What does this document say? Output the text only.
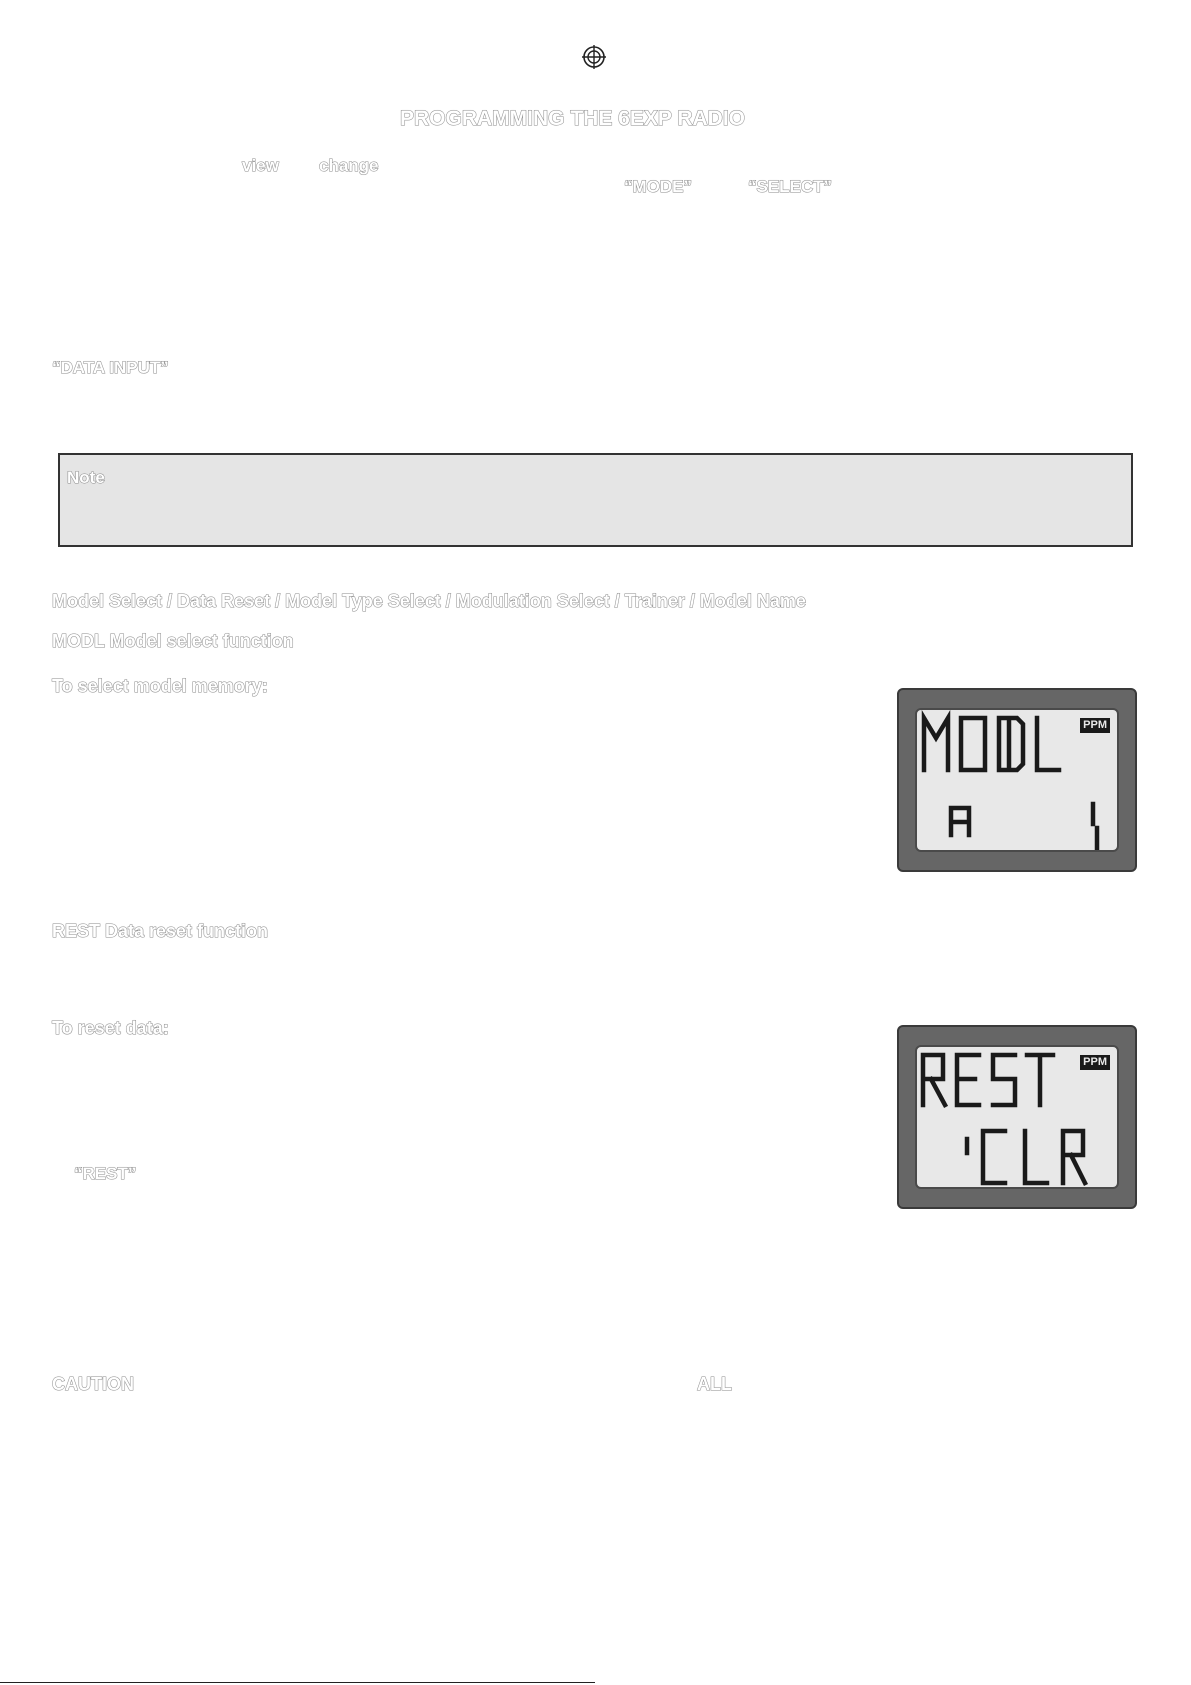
PROGRAMMING THE 6EXP RADIO
view change
“MODE”	“SELECT”
“DATA INPUT”
Note
Model Select / Data Reset / Model Type Select / Modulation Select / Trainer / Model Name
MODL Model select function
To select model memory:
PPM
REST Data reset function
To reset data:
PPM
“REST”
CAUTION	ALL
